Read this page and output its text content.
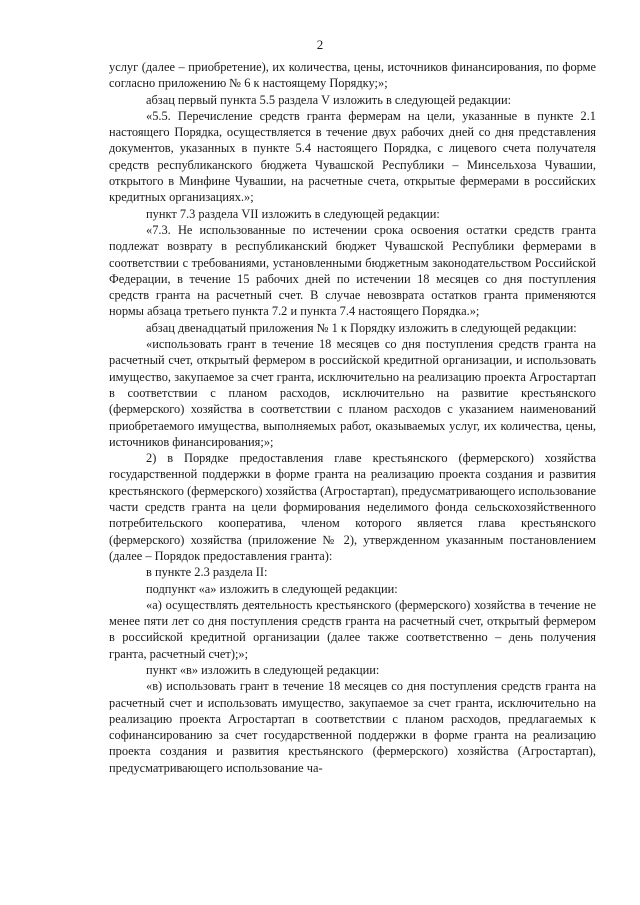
2

услуг (далее – приобретение), их количества, цены, источников финансирования, по форме согласно приложению № 6 к настоящему Порядку;»;

абзац первый пункта 5.5 раздела V изложить в следующей редакции:

«5.5. Перечисление средств гранта фермерам на цели, указанные в пункте 2.1 настоящего Порядка, осуществляется в течение двух рабочих дней со дня представления документов, указанных в пункте 5.4 настоящего Порядка, с лицевого счета получателя средств республиканского бюджета Чувашской Республики – Минсельхоза Чувашии, открытого в Минфине Чувашии, на расчетные счета, открытые фермерами в российских кредитных организациях.»;

пункт 7.3 раздела VII изложить в следующей редакции:

«7.3. Не использованные по истечении срока освоения остатки средств гранта подлежат возврату в республиканский бюджет Чувашской Республики фермерами в соответствии с требованиями, установленными бюджетным законодательством Российской Федерации, в течение 15 рабочих дней по истечении 18 месяцев со дня поступления средств гранта на расчетный счет. В случае невозврата остатков гранта применяются нормы абзаца третьего пункта 7.2 и пункта 7.4 настоящего Порядка.»;

абзац двенадцатый приложения № 1 к Порядку изложить в следующей редакции:

«использовать грант в течение 18 месяцев со дня поступления средств гранта на расчетный счет, открытый фермером в российской кредитной организации, и использовать имущество, закупаемое за счет гранта, исключительно на реализацию проекта Агростартап в соответствии с планом расходов, исключительно на развитие крестьянского (фермерского) хозяйства в соответствии с планом расходов с указанием наименований приобретаемого имущества, выполняемых работ, оказываемых услуг, их количества, цены, источников финансирования;»;

2) в Порядке предоставления главе крестьянского (фермерского) хозяйства государственной поддержки в форме гранта на реализацию проекта создания и развития крестьянского (фермерского) хозяйства (Агростартап), предусматривающего использование части средств гранта на цели формирования неделимого фонда сельскохозяйственного потребительского кооператива, членом которого является глава крестьянского (фермерского) хозяйства (приложение № 2), утвержденном указанным постановлением (далее – Порядок предоставления гранта):

в пункте 2.3 раздела II:

подпункт «а» изложить в следующей редакции:

«а) осуществлять деятельность крестьянского (фермерского) хозяйства в течение не менее пяти лет со дня поступления средств гранта на расчетный счет, открытый фермером в российской кредитной организации (далее также соответственно – день получения гранта, расчетный счет);»;

пункт «в» изложить в следующей редакции:

«в) использовать грант в течение 18 месяцев со дня поступления средств гранта на расчетный счет и использовать имущество, закупаемое за счет гранта, исключительно на реализацию проекта Агростартап в соответствии с планом расходов, предлагаемых к софинансированию за счет государственной поддержки в форме гранта на реализацию проекта создания и развития крестьянского (фермерского) хозяйства (Агростартап), предусматривающего использование ча-
